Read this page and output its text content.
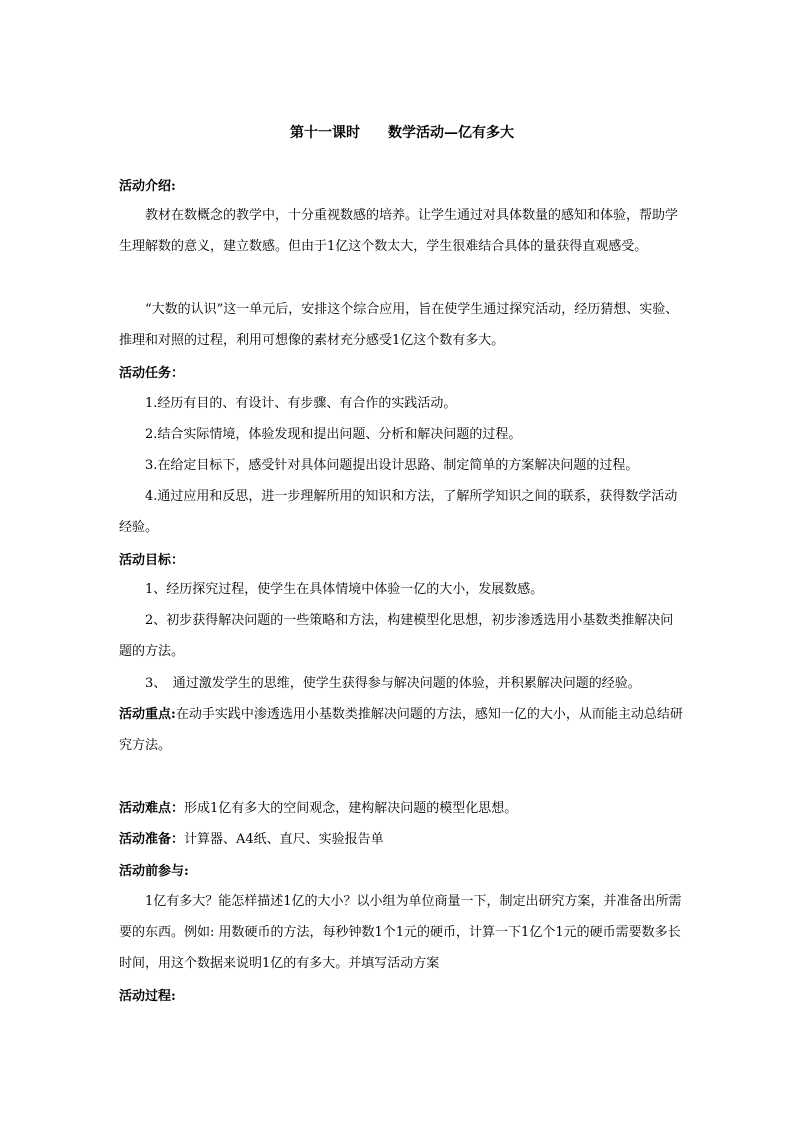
第十一课时　　数学活动—亿有多大
活动介绍:
教材在数概念的教学中，十分重视数感的培养。让学生通过对具体数量的感知和体验，帮助学生理解数的意义，建立数感。但由于1亿这个数太大，学生很难结合具体的量获得直观感受。
“大数的认识”这一单元后，安排这个综合应用，旨在使学生通过探究活动，经历猜想、实验、推理和对照的过程，利用可想像的素材充分感受1亿这个数有多大。
活动任务：
1.经历有目的、有设计、有步骤、有合作的实践活动。
2.结合实际情境，体验发现和提出问题、分析和解决问题的过程。
3.在给定目标下，感受针对具体问题提出设计思路、制定简单的方案解决问题的过程。
4.通过应用和反思，进一步理解所用的知识和方法，了解所学知识之间的联系，获得数学活动经验。
活动目标：
1、经历探究过程，使学生在具体情境中体验一亿的大小，发展数感。
2、初步获得解决问题的一些策略和方法，构建模型化思想，初步渗透选用小基数类推解决问题的方法。
3、　通过激发学生的思维，使学生获得参与解决问题的体验，并积累解决问题的经验。
活动重点:在动手实践中渗透选用小基数类推解决问题的方法，感知一亿的大小，从而能主动总结研究方法。
活动难点：形成1亿有多大的空间观念，建构解决问题的模型化思想。
活动准备：计算器、A4纸、直尺、实验报告单
活动前参与:
1亿有多大？能怎样描述1亿的大小？以小组为单位商量一下，制定出研究方案，并准备出所需要的东西。例如: 用数硬币的方法，每秒钟数1个1元的硬币，计算一下1亿个1元的硬币需要数多长时间，用这个数据来说明1亿的有多大。并填写活动方案
活动过程:
